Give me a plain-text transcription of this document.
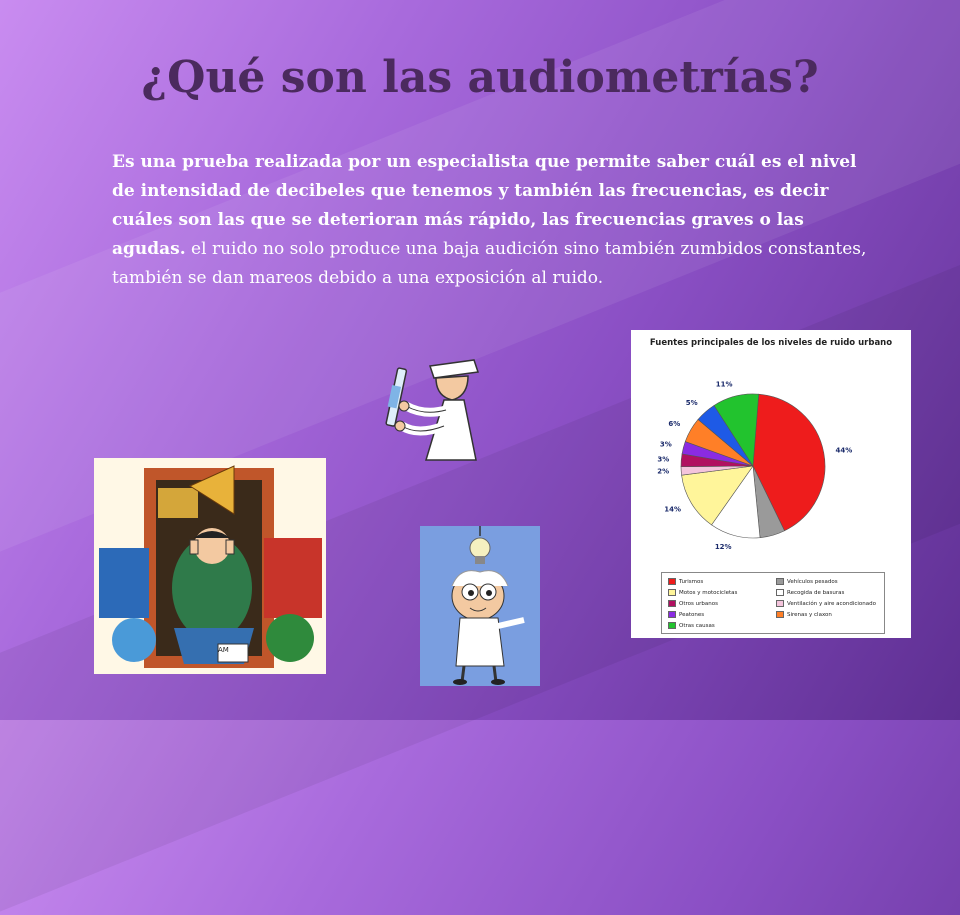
¿Qué son las audiometrías?
Es una prueba realizada por un especialista que permite saber cuál es el nivel de intensidad de decibeles que tenemos y también las frecuencias, es decir cuáles son las que se deterioran más rápido, las frecuencias graves o las agudas. el ruido no solo produce una baja audición sino también zumbidos constantes, también se dan mareos debido a una exposición al ruido.
AM
Fuentes principales de los niveles de ruido urbano
44%
12%
14%
2%
3%
3%
6%
5%
11%
Turismos	Vehículos pesados
Motos y motocicletas	Recogida de basuras
Otros urbanos	Ventilación y aire acondicionado
Peatones	Sirenas y claxon
Otras causas
